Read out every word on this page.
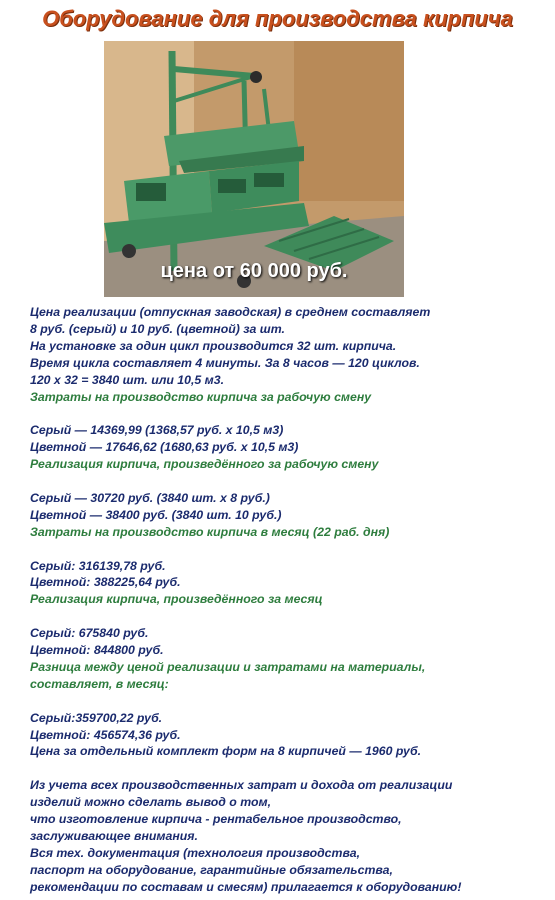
Оборудование для производства кирпича
цена от 60 000 руб.
Цена реализации (отпускная заводская) в среднем составляет
8 руб. (серый) и 10 руб. (цветной) за шт.
На установке за один цикл производится 32 шт. кирпича.
Время цикла составляет 4 минуты. За 8 часов — 120 циклов.
120 х 32 = 3840 шт. или 10,5 м3.
Затраты на производство кирпича за рабочую смену
Серый — 14369,99 (1368,57 руб. х 10,5 м3)
Цветной — 17646,62 (1680,63 руб. х 10,5 м3)
Реализация кирпича, произведённого за рабочую смену
Серый — 30720 руб. (3840 шт. х 8 руб.)
Цветной — 38400 руб. (3840 шт. 10 руб.)
Затраты на производство кирпича в месяц (22 раб. дня)
Серый: 316139,78 руб.
Цветной: 388225,64 руб.
Реализация кирпича, произведённого за месяц
Серый: 675840 руб.
Цветной: 844800 руб.
Разница между ценой реализации и затратами на материалы,
составляет, в месяц:
Серый:359700,22 руб.
Цветной: 456574,36 руб.
Цена за отдельный комплект форм на 8 кирпичей — 1960 руб.
Из учета всех производственных затрат и дохода от реализации
изделий можно сделать вывод о том,
что изготовление кирпича - рентабельное производство,
заслуживающее внимания.
Вся тех. документация (технология производства,
паспорт на оборудование, гарантийные обязательства,
рекомендации по составам и смесям) прилагается к оборудованию!
